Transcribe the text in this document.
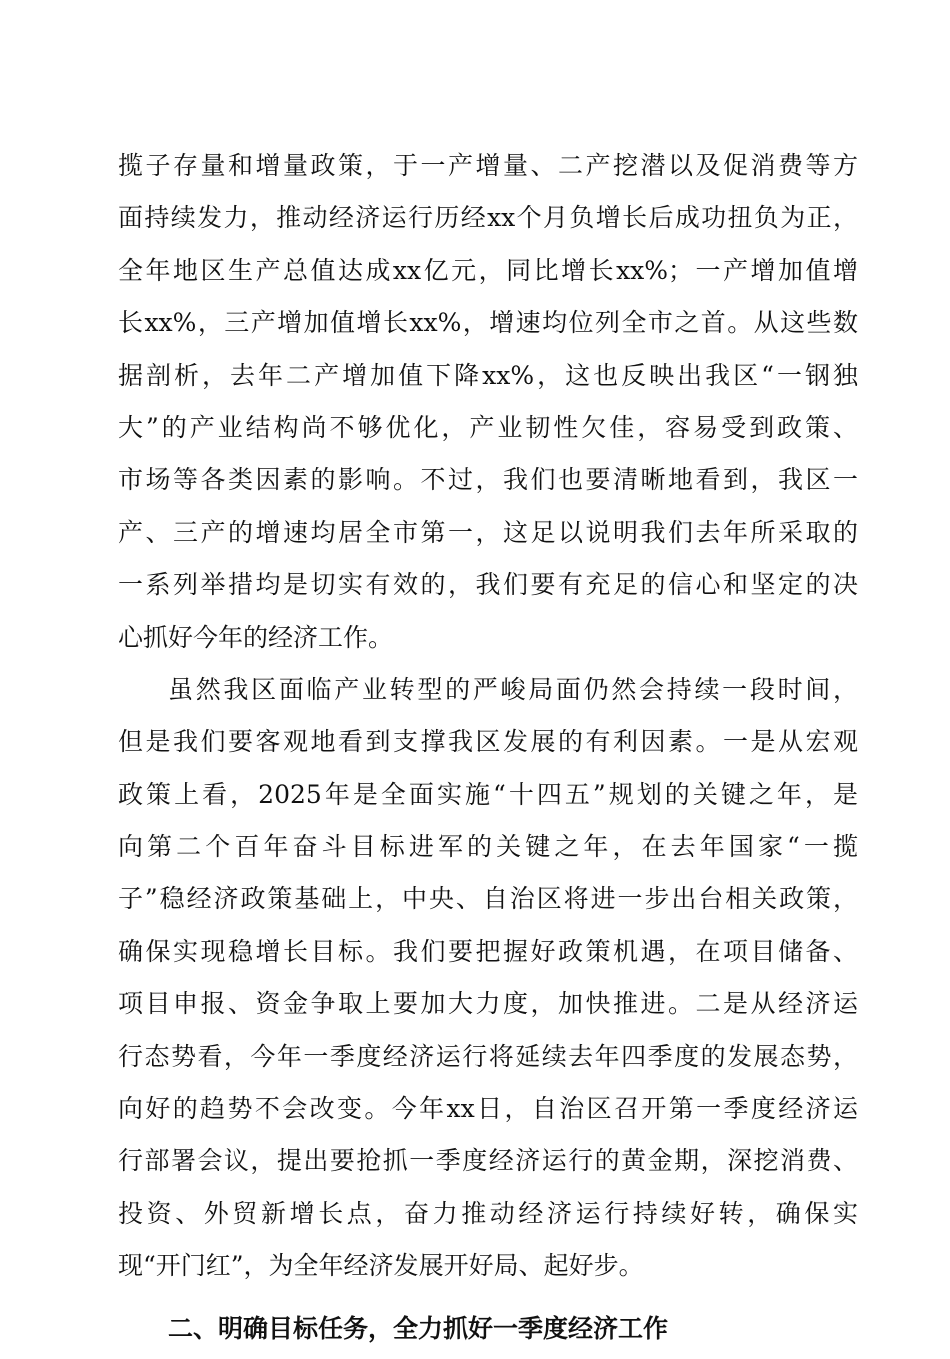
揽子存量和增量政策，于一产增量、二产挖潜以及促消费等方
面持续发力，推动经济运行历经xx个月负增长后成功扭负为正，
全年地区生产总值达成xx亿元，同比增长xx%；一产增加值增
长xx%，三产增加值增长xx%，增速均位列全市之首。从这些数
据剖析，去年二产增加值下降xx%，这也反映出我区“一钢独
大”的产业结构尚不够优化，产业韧性欠佳，容易受到政策、
市场等各类因素的影响。不过，我们也要清晰地看到，我区一
产、三产的增速均居全市第一，这足以说明我们去年所采取的
一系列举措均是切实有效的，我们要有充足的信心和坚定的决
心抓好今年的经济工作。
虽然我区面临产业转型的严峻局面仍然会持续一段时间，
但是我们要客观地看到支撑我区发展的有利因素。一是从宏观
政策上看，2025年是全面实施“十四五”规划的关键之年，是
向第二个百年奋斗目标进军的关键之年，在去年国家“一揽
子”稳经济政策基础上，中央、自治区将进一步出台相关政策，
确保实现稳增长目标。我们要把握好政策机遇，在项目储备、
项目申报、资金争取上要加大力度，加快推进。二是从经济运
行态势看，今年一季度经济运行将延续去年四季度的发展态势，
向好的趋势不会改变。今年xx日，自治区召开第一季度经济运
行部署会议，提出要抢抓一季度经济运行的黄金期，深挖消费、
投资、外贸新增长点，奋力推动经济运行持续好转，确保实
现“开门红”，为全年经济发展开好局、起好步。
二、明确目标任务，全力抓好一季度经济工作
